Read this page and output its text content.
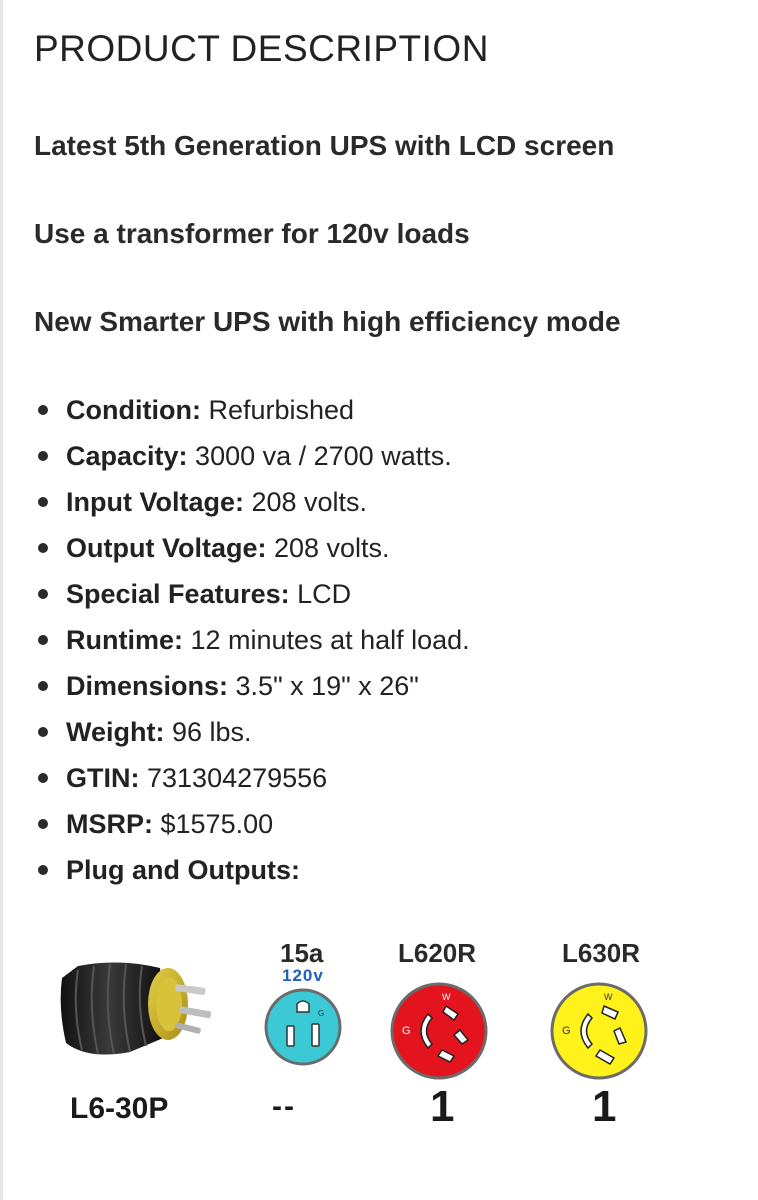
PRODUCT DESCRIPTION
Latest 5th Generation UPS with LCD screen
Use a transformer for 120v loads
New Smarter UPS with high efficiency mode
Condition: Refurbished
Capacity: 3000 va / 2700 watts.
Input Voltage: 208 volts.
Output Voltage: 208 volts.
Special Features: LCD
Runtime: 12 minutes at half load.
Dimensions: 3.5" x 19" x 26"
Weight: 96 lbs.
GTIN: 731304279556
MSRP: $1575.00
Plug and Outputs:
L6-30P
15a
120v
G
--
L620R
G
W
1
L630R
G
W
1
